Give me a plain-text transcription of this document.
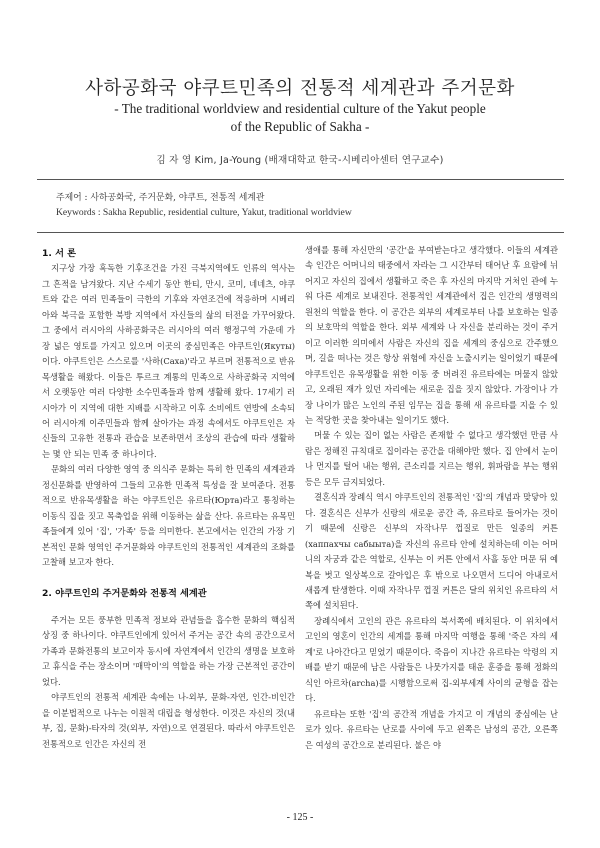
사하공화국 야쿠트민족의 전통적 세계관과 주거문화
- The traditional worldview and residential culture of the Yakut people
of the Republic of Sakha -
김 자 영 Kim, Ja-Young (배재대학교 한국-시베리아센터 연구교수)
주제어 : 사하공화국, 주거문화, 야쿠트, 전통적 세계관
Keywords : Sakha Republic, residential culture, Yakut, traditional worldview
1. 서 론

지구상 가장 혹독한 기후조건을 가진 극북지역에도 인류의 역사는 그 흔적을 남겨왔다. 지난 수세기 동안 한티, 만시, 코미, 네네츠, 야쿠트와 같은 여러 민족들이 극한의 기후와 자연조건에 적응하며 시베리아와 북극을 포함한 북방 지역에서 자신들의 삶의 터전을 가꾸어왔다. 그 중에서 러시아의 사하공화국은 러시아의 여러 행정구역 가운데 가장 넓은 영토를 가지고 있으며 이곳의 중심민족은 야쿠트인(Якуты)이다. 야쿠트인은 스스로를 '사하(Саха)'라고 부르며 전통적으로 반유목생활을 해왔다. 이들은 투르크 계통의 민족으로 사하공화국 지역에서 오랫동안 여러 다양한 소수민족들과 함께 생활해 왔다. 17세기 러시아가 이 지역에 대한 지배를 시작하고 이후 소비에트 연방에 소속되어 러시아계 이주민들과 함께 살아가는 과정 속에서도 야쿠트인은 자신들의 고유한 전통과 관습을 보존하면서 조상의 관습에 따라 생활하는 몇 안 되는 민족 중 하나이다.

문화의 여러 다양한 영역 중 의식주 문화는 특히 한 민족의 세계관과 정신문화를 반영하여 그들의 고유한 민족적 특성을 잘 보여준다. 전통적으로 반유목생활을 하는 야쿠트인은 유르타(Юрта)라고 통칭하는 이동식 집을 짓고 목축업을 위해 이동하는 삶을 산다. 유르타는 유목민족들에게 있어 '집', '가족' 등을 의미한다. 본고에서는 인간의 가장 기본적인 문화 영역인 주거문화와 야쿠트인의 전통적인 세계관의 조화를 고찰해 보고자 한다.

2. 야쿠트인의 주거문화와 전통적 세계관

주거는 모든 풍부한 민족적 정보와 관념들을 흡수한 문화의 핵심적 상징 중 하나이다. 야쿠트인에게 있어서 주거는 공간 속의 공간으로서 가족과 문화전통의 보고이자 동시에 자연계에서 인간의 생명을 보호하고 휴식을 주는 장소이며 '매막이'의 역할을 하는 가장 근본적인 공간이었다.

야쿠트인의 전통적 세계관 속에는 나-외부, 문화-자연, 인간-비인간을 이분법적으로 나누는 이원적 대립을 형성한다. 이것은 자신의 것(내부, 집, 문화)-타자의 것(외부, 자연)으로 연결된다. 따라서 야쿠트인은 전통적으로 인간은 자신의 전

생애를 통해 자신만의 '공간'을 부여받는다고 생각했다. 이들의 세계관 속 인간은 어머니의 태중에서 자라는 그 시간부터 태어난 후 요람에 뉘어지고 자신의 집에서 생활하고 죽은 후 자신의 마지막 거처인 관에 누워 다른 세계로 보내진다. 전통적인 세계관에서 집은 인간의 생명력의 원천의 역할을 한다. 이 공간은 외부의 세계로부터 나를 보호하는 일종의 보호막의 역할을 한다. 외부 세계와 나 자신을 분리하는 것이 주거이고 이러한 의미에서 사람은 자신의 집을 세계의 중심으로 간주했으며, 길을 떠나는 것은 항상 위험에 자신을 노출시키는 일이었기 때문에 야쿠트인은 유목생활을 위한 이동 중 버려진 유르타에는 머물지 않았고, 오래된 재가 있던 자리에는 새로운 집을 짓지 않았다. 가장이나 가장 나이가 많은 노인의 주된 임무는 집을 통해 새 유르타를 지을 수 있는 적당한 곳을 찾아내는 일이기도 했다.

머물 수 있는 집이 없는 사람은 존재할 수 없다고 생각했던 만큼 사람은 정해진 규칙대로 집이라는 공간을 대해야만 했다. 집 안에서 눈이나 먼지를 털어 내는 행위, 큰소리를 지르는 행위, 휘파람을 부는 행위 등은 모두 금지되었다.

결혼식과 장례식 역시 야쿠트인의 전통적인 '집'의 개념과 맞닿아 있다. 결혼식은 신부가 신랑의 새로운 공간 즉, 유르타로 들어가는 것이기 때문에 신랑은 신부의 자작나무 껍질로 만든 일종의 커튼(хаппахчы сабыыта)을 자신의 유르타 안에 설치하는데 이는 어머니의 자궁과 같은 역할로, 신부는 이 커튼 안에서 사흘 동안 머문 뒤 예복을 벗고 일상복으로 갈아입은 후 밖으로 나오면서 드디어 아내로서 새롭게 탄생한다. 이때 자작나무 껍질 커튼은 달의 위치인 유르타의 서쪽에 설치된다.

장례식에서 고인의 관은 유르타의 북서쪽에 배치된다. 이 위치에서 고인의 영혼이 인간의 세계를 통해 마지막 여행을 통해 '죽은 자의 세계'로 나아간다고 믿었기 때문이다. 죽음이 지나간 유르타는 악령의 지배를 받기 때문에 남은 사람들은 나뭇가지를 태운 훈증을 통해 정화의식인 아르차(archa)를 시행함으로써 집-외부세계 사이의 균형을 잡는다.

유르타는 또한 '집'의 공간적 개념을 가지고 이 개념의 중심에는 난로가 있다. 유르타는 난로를 사이에 두고 왼쪽은 남성의 공간, 오른쪽은 여성의 공간으로 분리된다. 불은 야

- 125 -
